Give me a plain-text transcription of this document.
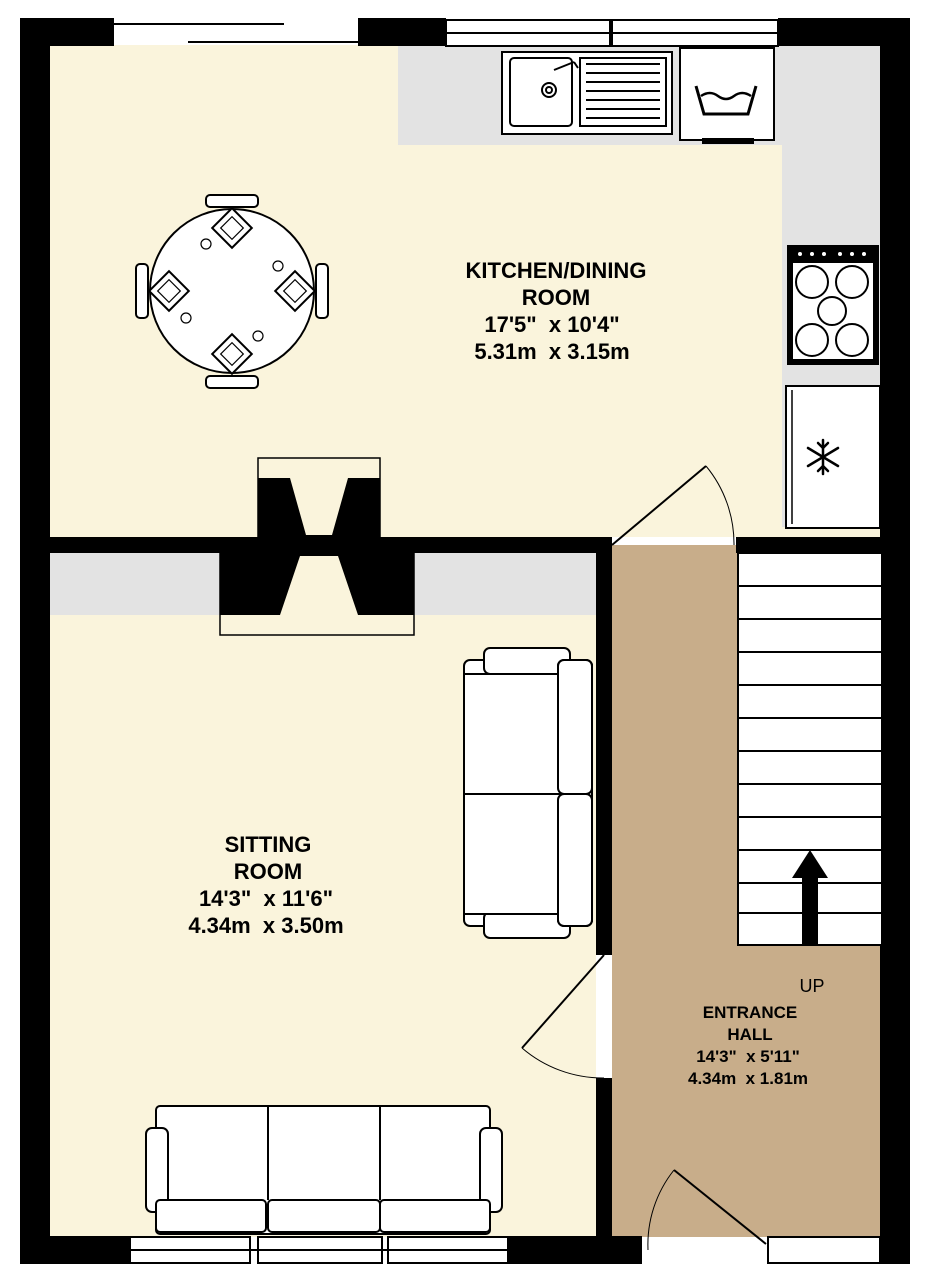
UP
KITCHEN/DINING
ROOM
17'5"  x 10'4"
5.31m  x 3.15m
SITTING
ROOM
14'3"  x 11'6"
4.34m  x 3.50m
ENTRANCE
HALL
14'3"  x 5'11"
4.34m  x 1.81m
